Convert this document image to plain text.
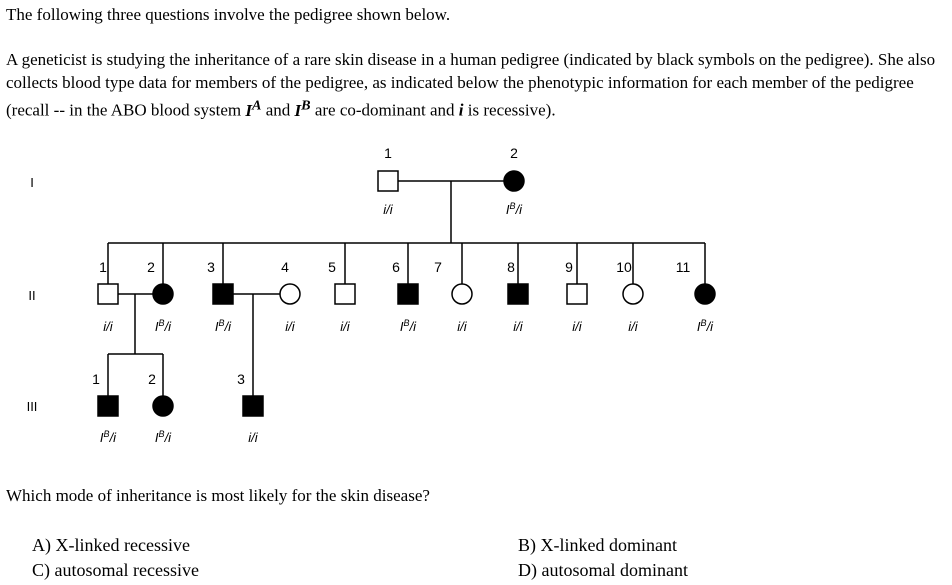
The following three questions involve the pedigree shown below.
A geneticist is studying the inheritance of a rare skin disease in a human pedigree (indicated by black symbols on the pedigree). She also collects blood type data for members of the pedigree, as indicated below the phenotypic information for each member of the pedigree (recall -- in the ABO blood system $I^A$ and $I^B$ are co-dominant and i is recessive).
I
II
III
1
i/i
2
$I^B/i$
1
i/i
2
$I^B/i$
3
$I^B/i$
4
i/i
5
i/i
6
$I^B/i$
7
i/i
8
i/i
9
i/i
10
i/i
11
$I^B/i$
1
$I^B/i$
2
$I^B/i$
3
i/i
Which mode of inheritance is most likely for the skin disease?
A) X-linked recessive	B) X-linked dominant
C) autosomal recessive	D) autosomal dominant
